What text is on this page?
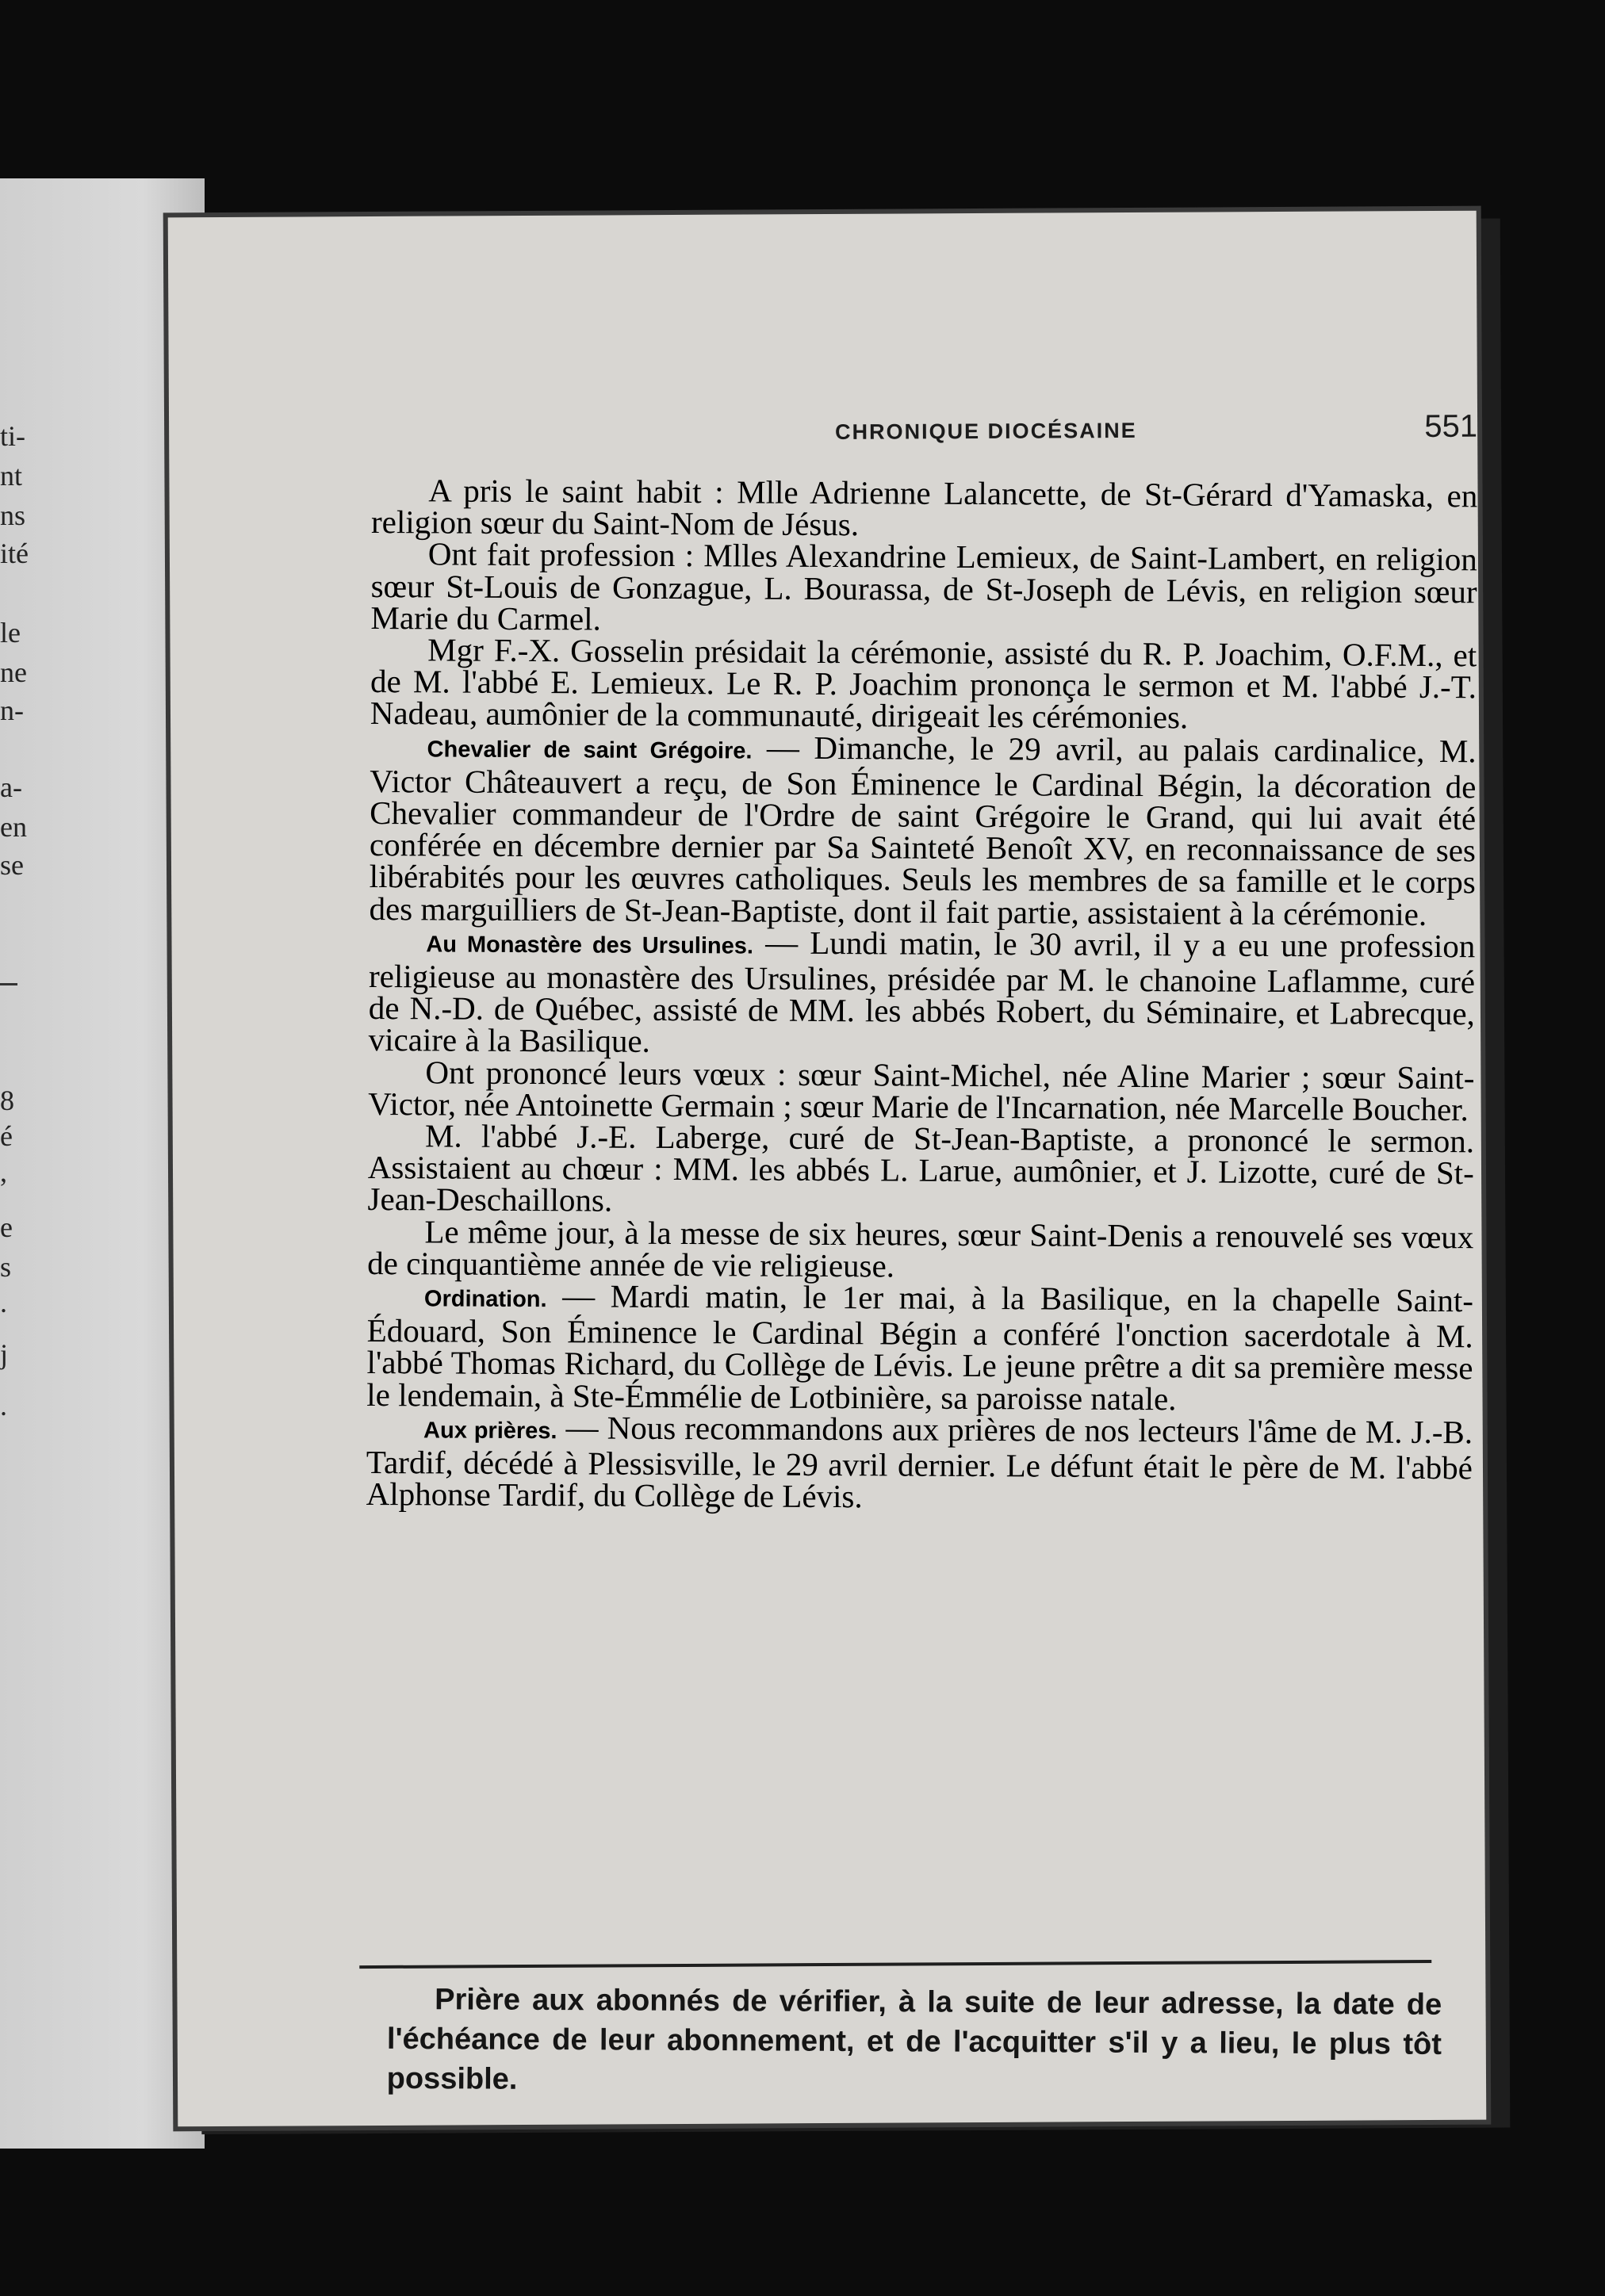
ti-
nt
ns
ité
le
ne
n-
a-
en
se
8
é
,
e
s
.
j
.
CHRONIQUE DIOCÉSAINE	551

A pris le saint habit : Mlle Adrienne Lalancette, de St-Gérard d'Yamaska, en religion sœur du Saint-Nom de Jésus.

Ont fait profession : Mlles Alexandrine Lemieux, de Saint-Lambert, en religion sœur St-Louis de Gonzague, L. Bourassa, de St-Joseph de Lévis, en religion sœur Marie du Carmel.

Mgr F.-X. Gosselin présidait la cérémonie, assisté du R. P. Joachim, O.F.M., et de M. l'abbé E. Lemieux. Le R. P. Joachim prononça le sermon et M. l'abbé J.-T. Nadeau, aumônier de la communauté, dirigeait les cérémonies.

Chevalier de saint Grégoire. — Dimanche, le 29 avril, au palais cardinalice, M. Victor Châteauvert a reçu, de Son Éminence le Cardinal Bégin, la décoration de Chevalier commandeur de l'Ordre de saint Grégoire le Grand, qui lui avait été conférée en décembre dernier par Sa Sainteté Benoît XV, en reconnaissance de ses libérabités pour les œuvres catholiques. Seuls les membres de sa famille et le corps des marguilliers de St-Jean-Baptiste, dont il fait partie, assistaient à la cérémonie.

Au Monastère des Ursulines. — Lundi matin, le 30 avril, il y a eu une profession religieuse au monastère des Ursulines, présidée par M. le chanoine Laflamme, curé de N.-D. de Québec, assisté de MM. les abbés Robert, du Séminaire, et Labrecque, vicaire à la Basilique.

Ont prononcé leurs vœux : sœur Saint-Michel, née Aline Marier ; sœur Saint-Victor, née Antoinette Germain ; sœur Marie de l'Incarnation, née Marcelle Boucher.

M. l'abbé J.-E. Laberge, curé de St-Jean-Baptiste, a prononcé le sermon. Assistaient au chœur : MM. les abbés L. Larue, aumônier, et J. Lizotte, curé de St-Jean-Deschaillons.

Le même jour, à la messe de six heures, sœur Saint-Denis a renouvelé ses vœux de cinquantième année de vie religieuse.

Ordination. — Mardi matin, le 1er mai, à la Basilique, en la chapelle Saint-Édouard, Son Éminence le Cardinal Bégin a conféré l'onction sacerdotale à M. l'abbé Thomas Richard, du Collège de Lévis. Le jeune prêtre a dit sa première messe le lendemain, à Ste-Émmélie de Lotbinière, sa paroisse natale.

Aux prières. — Nous recommandons aux prières de nos lecteurs l'âme de M. J.-B. Tardif, décédé à Plessisville, le 29 avril dernier. Le défunt était le père de M. l'abbé Alphonse Tardif, du Collège de Lévis.

Prière aux abonnés de vérifier, à la suite de leur adresse, la date de l'échéance de leur abonnement, et de l'acquitter s'il y a lieu, le plus tôt possible.
